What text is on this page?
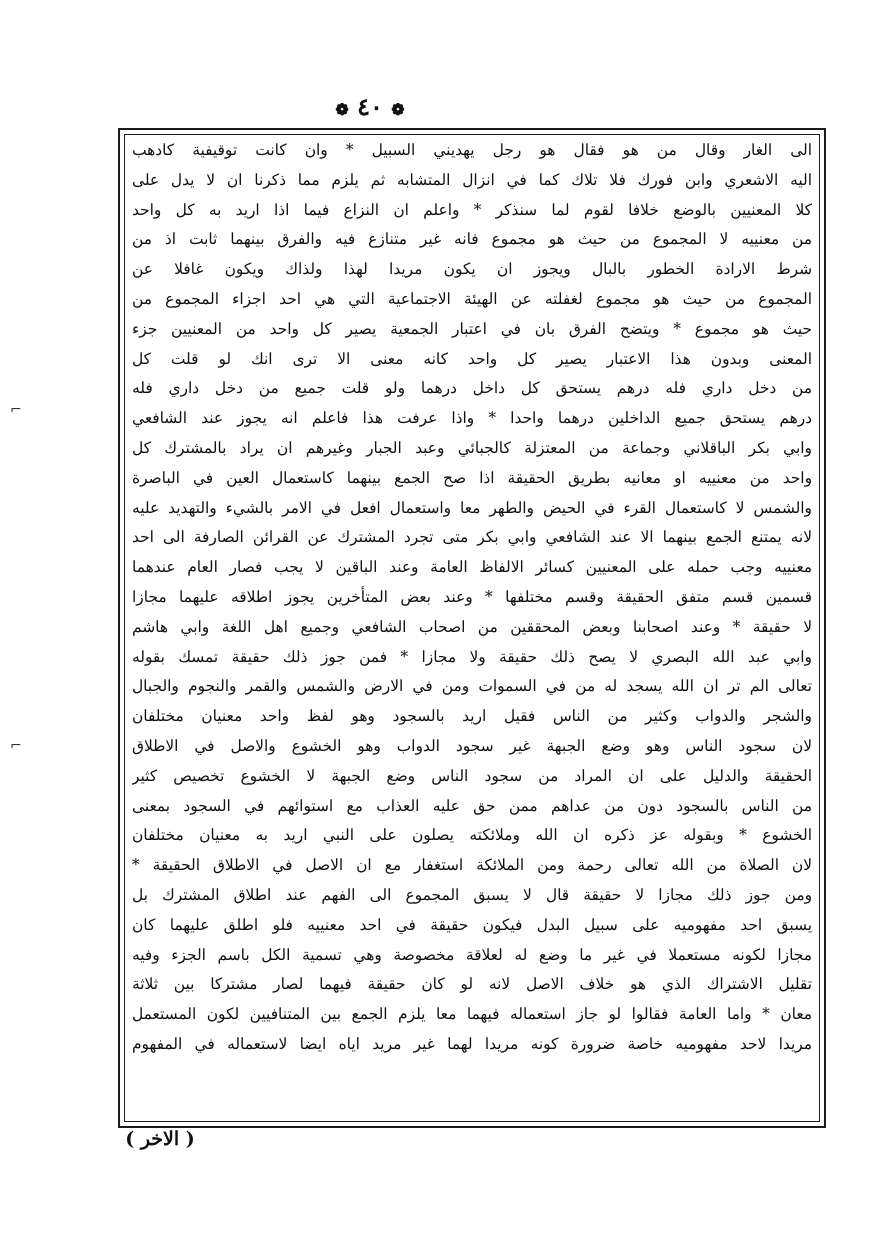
❁ ٤٠ ❁
الى الغار وقال من هو فقال هو رجل يهديني السبيل * وان كانت توقيفية كادهب
اليه الاشعري وابن فورك فلا تلاك كما في انزال المتشابه ثم يلزم مما ذكرنا ان لا يدل على
كلا المعنيين بالوضع خلافا لقوم لما سنذكر * واعلم ان النزاع فيما اذا اريد به كل واحد
من معنييه لا المجموع من حيث هو مجموع فانه غير متنازع فيه والفرق بينهما ثابت اذ من
شرط الارادة الخطور بالبال ويجوز ان يكون مريدا لهذا ولذاك ويكون غافلا عن
المجموع من حيث هو مجموع لغفلته عن الهيئة الاجتماعية التي هي احد اجزاء المجموع من
حيث هو مجموع * ويتضح الفرق بان في اعتبار الجمعية يصير كل واحد من المعنيين جزء
المعنى وبدون هذا الاعتبار يصير كل واحد كانه معنى الا ترى انك لو قلت كل
من دخل داري فله درهم يستحق كل داخل درهما ولو قلت جميع من دخل داري فله
درهم يستحق جميع الداخلين درهما واحدا * واذا عرفت هذا فاعلم انه يجوز عند الشافعي
وابي بكر الباقلاني وجماعة من المعتزلة كالجبائي وعبد الجبار وغيرهم ان يراد بالمشترك كل
واحد من معنييه او معانيه بطريق الحقيقة اذا صح الجمع بينهما كاستعمال العين في الباصرة
والشمس لا كاستعمال القرء في الحيض والطهر معا واستعمال افعل في الامر بالشيء والتهديد عليه
لانه يمتنع الجمع بينهما الا عند الشافعي وابي بكر متى تجرد المشترك عن القرائن الصارفة الى احد
معنييه وجب حمله على المعنيين كسائر الالفاظ العامة وعند الباقين لا يجب فصار العام عندهما
قسمين قسم متفق الحقيقة وقسم مختلفها * وعند بعض المتأخرين يجوز اطلاقه عليهما مجازا
لا حقيقة * وعند اصحابنا وبعض المحققين من اصحاب الشافعي وجميع اهل اللغة وابي هاشم
وابي عبد الله البصري لا يصح ذلك حقيقة ولا مجازا * فمن جوز ذلك حقيقة تمسك بقوله
تعالى الم تر ان الله يسجد له من في السموات ومن في الارض والشمس والقمر والنجوم والجبال
والشجر والدواب وكثير من الناس فقيل اريد بالسجود وهو لفظ واحد معنيان مختلفان
لان سجود الناس وهو وضع الجبهة غير سجود الدواب وهو الخشوع والاصل في الاطلاق
الحقيقة والدليل على ان المراد من سجود الناس وضع الجبهة لا الخشوع تخصيص كثير
من الناس بالسجود دون من عداهم ممن حق عليه العذاب مع استوائهم في السجود بمعنى
الخشوع * وبقوله عز ذكره ان الله وملائكته يصلون على النبي اريد به معنيان مختلفان
لان الصلاة من الله تعالى رحمة ومن الملائكة استغفار مع ان الاصل في الاطلاق الحقيقة *
ومن جوز ذلك مجازا لا حقيقة قال لا يسبق المجموع الى الفهم عند اطلاق المشترك بل
يسبق احد مفهوميه على سبيل البدل فيكون حقيقة في احد معنييه فلو اطلق عليهما كان
مجازا لكونه مستعملا في غير ما وضع له لعلاقة مخصوصة وهي تسمية الكل باسم الجزء وفيه
تقليل الاشتراك الذي هو خلاف الاصل لانه لو كان حقيقة فيهما لصار مشتركا بين ثلاثة
معان * واما العامة فقالوا لو جاز استعماله فيهما معا يلزم الجمع بين المتنافيين لكون المستعمل
مريدا لاحد مفهوميه خاصة ضرورة كونه مريدا لهما غير مريد اياه ايضا لاستعماله في المفهوم
⌐
⌐
( الاخر )
